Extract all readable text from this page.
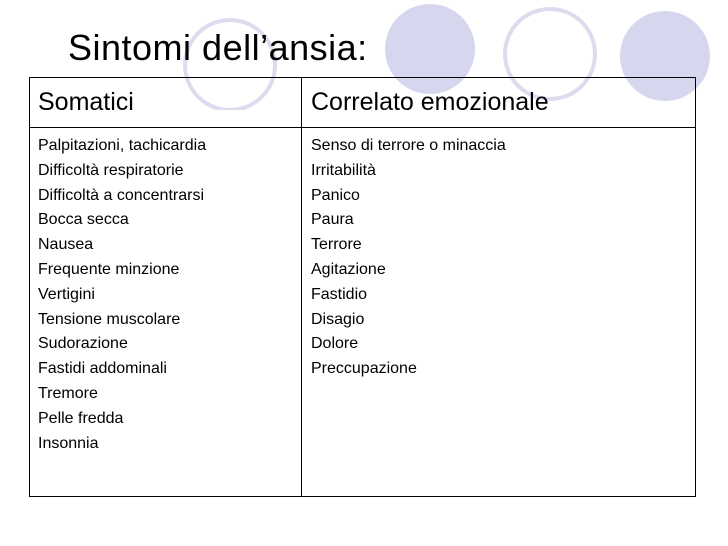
Sintomi dell’ansia:
Somatici	Correlato emozionale
Palpitazioni, tachicardia
Difficoltà respiratorie
Difficoltà a concentrarsi
Bocca secca
Nausea
Frequente minzione
Vertigini
Tensione muscolare
Sudorazione
Fastidi addominali
Tremore
Pelle fredda
Insonnia
Senso di terrore o minaccia
Irritabilità
Panico
Paura
Terrore
Agitazione
Fastidio
Disagio
Dolore
Preccupazione
